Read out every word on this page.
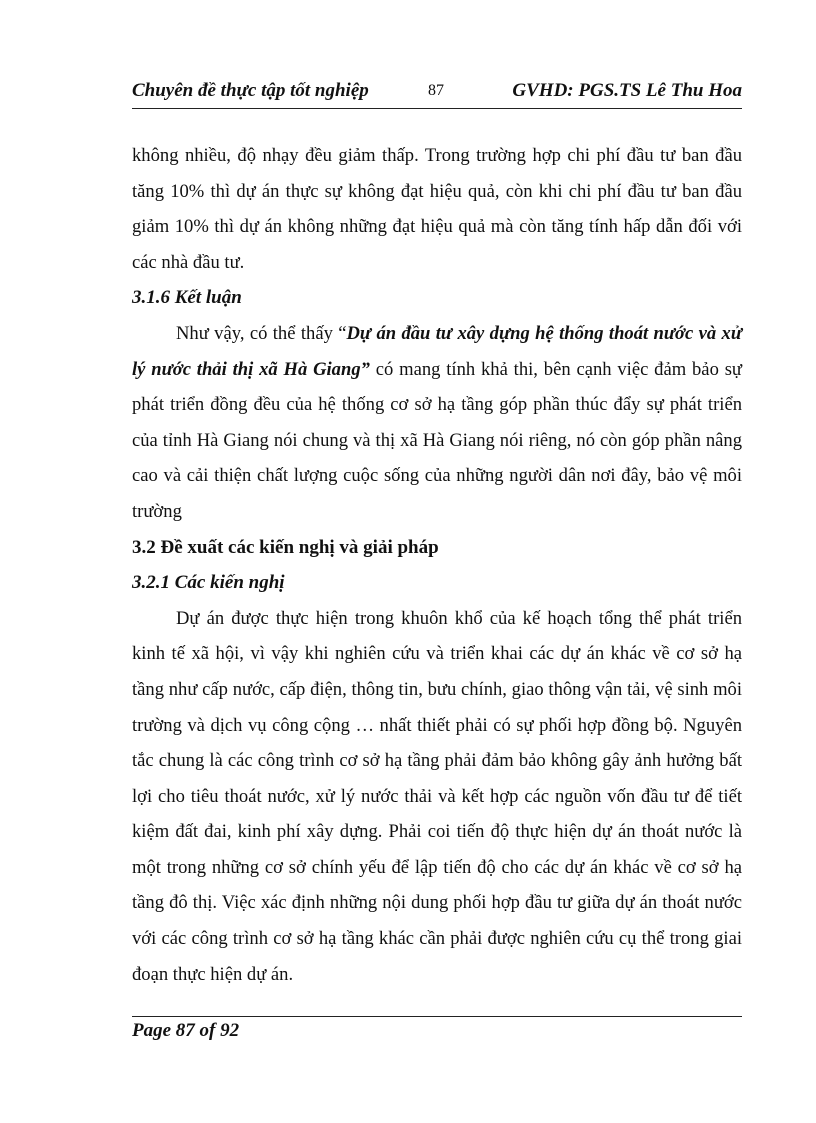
Chuyên đề thực tập tốt nghiệp	87	GVHD: PGS.TS Lê Thu Hoa

không nhiều, độ nhạy đều giảm thấp. Trong trường hợp chi phí đầu tư ban đầu tăng 10% thì dự án thực sự không đạt hiệu quả, còn khi chi phí đầu tư ban đầu giảm 10% thì dự án không những đạt hiệu quả mà còn tăng tính hấp dẫn đối với các nhà đầu tư.

3.1.6 Kết luận

Như vậy, có thể thấy “Dự án đầu tư xây dựng hệ thống thoát nước và xử lý nước thải thị xã Hà Giang” có mang tính khả thi, bên cạnh việc đảm bảo sự phát triển đồng đều của hệ thống cơ sở hạ tầng góp phần thúc đẩy sự phát triển của tỉnh Hà Giang nói chung và thị xã Hà Giang nói riêng, nó còn góp phần nâng cao và cải thiện chất lượng cuộc sống của những người dân nơi đây, bảo vệ môi trường

3.2 Đề xuất các kiến nghị và giải pháp
3.2.1 Các kiến nghị

Dự án được thực hiện trong khuôn khổ của kế hoạch tổng thể phát triển kinh tế xã hội, vì vậy khi nghiên cứu và triển khai các dự án khác về cơ sở hạ tầng như cấp nước, cấp điện, thông tin, bưu chính, giao thông vận tải, vệ sinh môi trường và dịch vụ công cộng … nhất thiết phải có sự phối hợp đồng bộ. Nguyên tắc chung là các công trình cơ sở hạ tầng phải đảm bảo không gây ảnh hưởng bất lợi cho tiêu thoát nước, xử lý nước thải và kết hợp các nguồn vốn đầu tư để tiết kiệm đất đai, kinh phí xây dựng. Phải coi tiến độ thực hiện dự án thoát nước là một trong những cơ sở chính yếu để lập tiến độ cho các dự án khác về cơ sở hạ tầng đô thị. Việc xác định những nội dung phối hợp đầu tư giữa dự án thoát nước với các công trình cơ sở hạ tầng khác cần phải được nghiên cứu cụ thể trong giai đoạn thực hiện dự án.

Page 87 of 92
